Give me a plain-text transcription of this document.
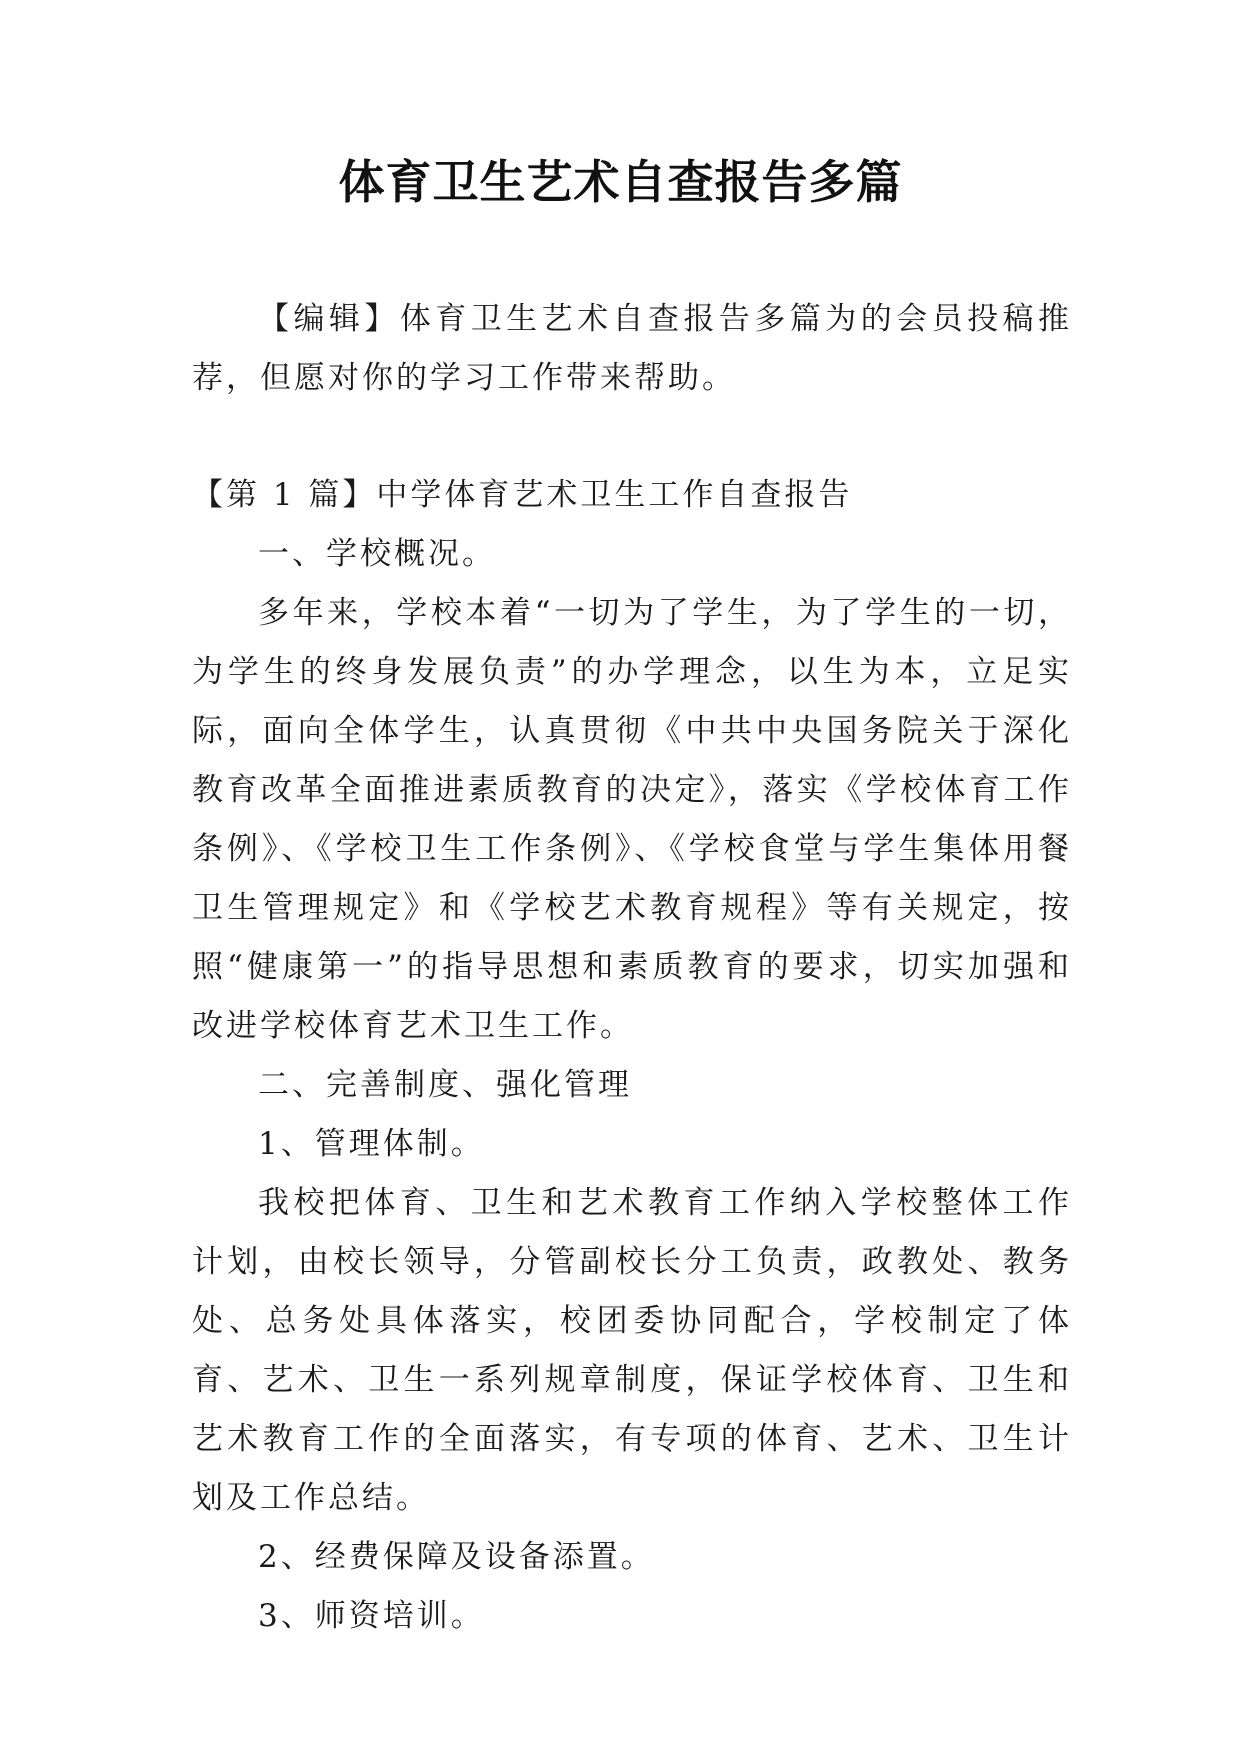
体育卫生艺术自查报告多篇

【编辑】体育卫生艺术自查报告多篇为的会员投稿推荐，但愿对你的学习工作带来帮助。

【第 1 篇】中学体育艺术卫生工作自查报告

一、学校概况。

多年来，学校本着“一切为了学生，为了学生的一切，为学生的终身发展负责”的办学理念，以生为本，立足实际，面向全体学生，认真贯彻《中共中央国务院关于深化教育改革全面推进素质教育的决定》，落实《学校体育工作条例》、《学校卫生工作条例》、《学校食堂与学生集体用餐卫生管理规定》和《学校艺术教育规程》等有关规定，按照“健康第一”的指导思想和素质教育的要求，切实加强和改进学校体育艺术卫生工作。

二、完善制度、强化管理

1、管理体制。

我校把体育、卫生和艺术教育工作纳入学校整体工作计划，由校长领导，分管副校长分工负责，政教处、教务处、总务处具体落实，校团委协同配合，学校制定了体育、艺术、卫生一系列规章制度，保证学校体育、卫生和艺术教育工作的全面落实，有专项的体育、艺术、卫生计划及工作总结。

2、经费保障及设备添置。

3、师资培训。
